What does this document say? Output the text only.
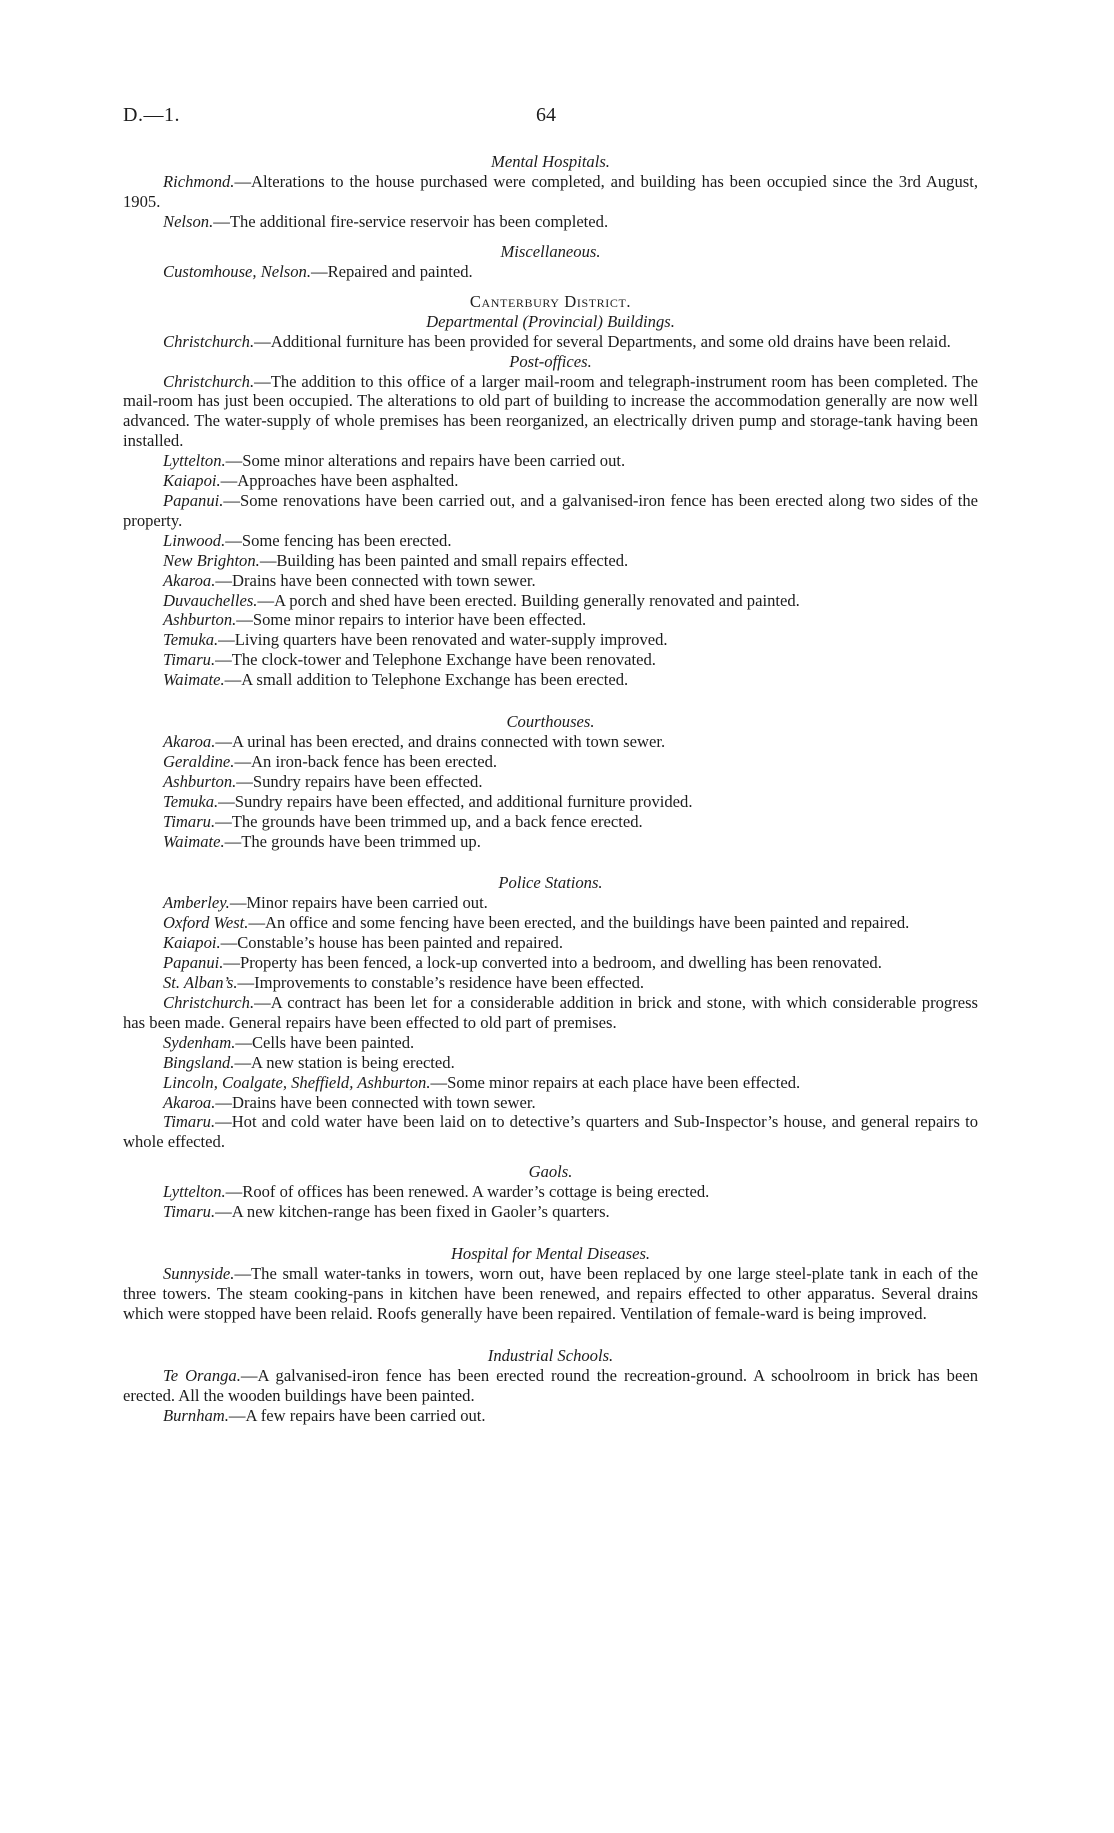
D.—1.	64

Mental Hospitals.

Richmond.—Alterations to the house purchased were completed, and building has been occupied since the 3rd August, 1905.

Nelson.—The additional fire-service reservoir has been completed.

Miscellaneous.

Customhouse, Nelson.—Repaired and painted.

Canterbury District.

Departmental (Provincial) Buildings.

Christchurch.—Additional furniture has been provided for several Departments, and some old drains have been relaid.

Post-offices.

Christchurch.—The addition to this office of a larger mail-room and telegraph-instrument room has been completed. The mail-room has just been occupied. The alterations to old part of building to increase the accommodation generally are now well advanced. The water-supply of whole premises has been reorganized, an electrically driven pump and storage-tank having been installed.

Lyttelton.—Some minor alterations and repairs have been carried out.

Kaiapoi.—Approaches have been asphalted.

Papanui.—Some renovations have been carried out, and a galvanised-iron fence has been erected along two sides of the property.

Linwood.—Some fencing has been erected.

New Brighton.—Building has been painted and small repairs effected.

Akaroa.—Drains have been connected with town sewer.

Duvauchelles.—A porch and shed have been erected. Building generally renovated and painted.

Ashburton.—Some minor repairs to interior have been effected.

Temuka.—Living quarters have been renovated and water-supply improved.

Timaru.—The clock-tower and Telephone Exchange have been renovated.

Waimate.—A small addition to Telephone Exchange has been erected.

Courthouses.

Akaroa.—A urinal has been erected, and drains connected with town sewer.

Geraldine.—An iron-back fence has been erected.

Ashburton.—Sundry repairs have been effected.

Temuka.—Sundry repairs have been effected, and additional furniture provided.

Timaru.—The grounds have been trimmed up, and a back fence erected.

Waimate.—The grounds have been trimmed up.

Police Stations.

Amberley.—Minor repairs have been carried out.

Oxford West.—An office and some fencing have been erected, and the buildings have been painted and repaired.

Kaiapoi.—Constable’s house has been painted and repaired.

Papanui.—Property has been fenced, a lock-up converted into a bedroom, and dwelling has been renovated.

St. Alban’s.—Improvements to constable’s residence have been effected.

Christchurch.—A contract has been let for a considerable addition in brick and stone, with which considerable progress has been made. General repairs have been effected to old part of premises.

Sydenham.—Cells have been painted.

Bingsland.—A new station is being erected.

Lincoln, Coalgate, Sheffield, Ashburton.—Some minor repairs at each place have been effected.

Akaroa.—Drains have been connected with town sewer.

Timaru.—Hot and cold water have been laid on to detective’s quarters and Sub-Inspector’s house, and general repairs to whole effected.

Gaols.

Lyttelton.—Roof of offices has been renewed. A warder’s cottage is being erected.

Timaru.—A new kitchen-range has been fixed in Gaoler’s quarters.

Hospital for Mental Diseases.

Sunnyside.—The small water-tanks in towers, worn out, have been replaced by one large steel-plate tank in each of the three towers. The steam cooking-pans in kitchen have been renewed, and repairs effected to other apparatus. Several drains which were stopped have been relaid. Roofs generally have been repaired. Ventilation of female-ward is being improved.

Industrial Schools.

Te Oranga.—A galvanised-iron fence has been erected round the recreation-ground. A schoolroom in brick has been erected. All the wooden buildings have been painted.

Burnham.—A few repairs have been carried out.
